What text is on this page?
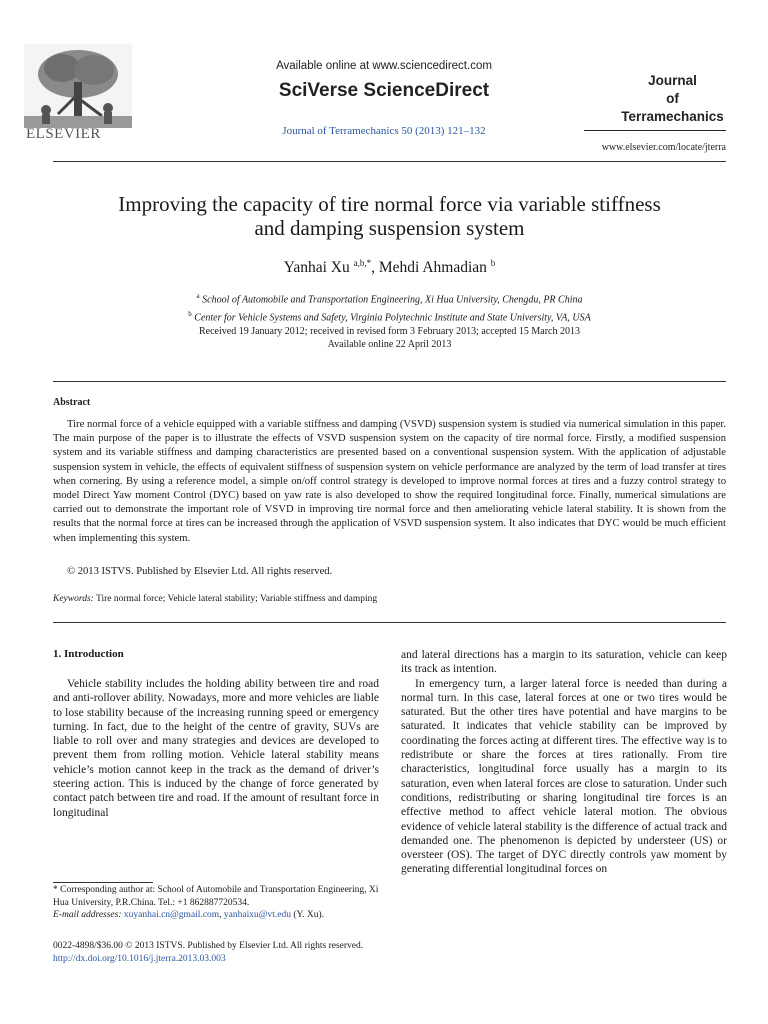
ELSEVIER
Available online at www.sciencedirect.com
SciVerse ScienceDirect
Journal of Terramechanics 50 (2013) 121–132
Journal
of
Terramechanics
www.elsevier.com/locate/jterra
Improving the capacity of tire normal force via variable stiffness
and damping suspension system
Yanhai Xu $^{a,b,*}$, Mehdi Ahmadian $^b$
$^a$ School of Automobile and Transportation Engineering, Xi Hua University, Chengdu, PR China
$^b$ Center for Vehicle Systems and Safety, Virginia Polytechnic Institute and State University, VA, USA
Received 19 January 2012; received in revised form 3 February 2013; accepted 15 March 2013
Available online 22 April 2013
Abstract
Tire normal force of a vehicle equipped with a variable stiffness and damping (VSVD) suspension system is studied via numerical simulation in this paper. The main purpose of the paper is to illustrate the effects of VSVD suspension system on the capacity of tire normal force. Firstly, a modified suspension system and its variable stiffness and damping characteristics are presented based on a conventional suspension system. With the application of adjustable suspension system in vehicle, the effects of equivalent stiffness of suspension system on vehicle performance are analyzed by the term of load transfer at tires when cornering. By using a reference model, a simple on/off control strategy is developed to improve normal forces at tires and a fuzzy control strategy to model Direct Yaw moment Control (DYC) based on yaw rate is also developed to show the required longitudinal force. Finally, numerical simulations are carried out to demonstrate the important role of VSVD in improving tire normal force and then ameliorating vehicle lateral stability. It is shown from the results that the normal force at tires can be increased through the application of VSVD suspension system. It also indicates that DYC would be much efficient when implementing this system.
© 2013 ISTVS. Published by Elsevier Ltd. All rights reserved.
Keywords: Tire normal force; Vehicle lateral stability; Variable stiffness and damping
1. Introduction

Vehicle stability includes the holding ability between tire and road and anti-rollover ability. Nowadays, more and more vehicles are liable to lose stability because of the increasing running speed or emergency turning. In fact, due to the height of the centre of gravity, SUVs are liable to roll over and many strategies and devices are developed to prevent them from rolling motion. Vehicle lateral stability means vehicle’s motion cannot keep in the track as the demand of driver’s steering action. This is induced by the change of force generated by contact patch between tire and road. If the amount of resultant force in longitudinal

and lateral directions has a margin to its saturation, vehicle can keep its track as intention.

In emergency turn, a larger lateral force is needed than during a normal turn. In this case, lateral forces at one or two tires would be saturated. But the other tires have potential and have margins to be saturated. It indicates that vehicle stability can be improved by coordinating the forces acting at different tires. The effective way is to redistribute or share the forces at tires rationally. From tire characteristics, longitudinal force usually has a margin to its saturation, even when lateral forces are close to saturation. Under such conditions, redistributing or sharing longitudinal tire forces is an effective method to affect vehicle lateral motion. The obvious evidence of vehicle lateral stability is the difference of actual track and demanded one. The phenomenon is depicted by understeer (US) or oversteer (OS). The target of DYC directly controls yaw moment by generating differential longitudinal forces on

* Corresponding author at: School of Automobile and Transportation Engineering, Xi Hua University, P.R.China. Tel.: +1 862887720534.
E-mail addresses: xuyanhai.cn@gmail.com, yanhaixu@vt.edu (Y. Xu).
0022-4898/$36.00 © 2013 ISTVS. Published by Elsevier Ltd. All rights reserved.
http://dx.doi.org/10.1016/j.jterra.2013.03.003
